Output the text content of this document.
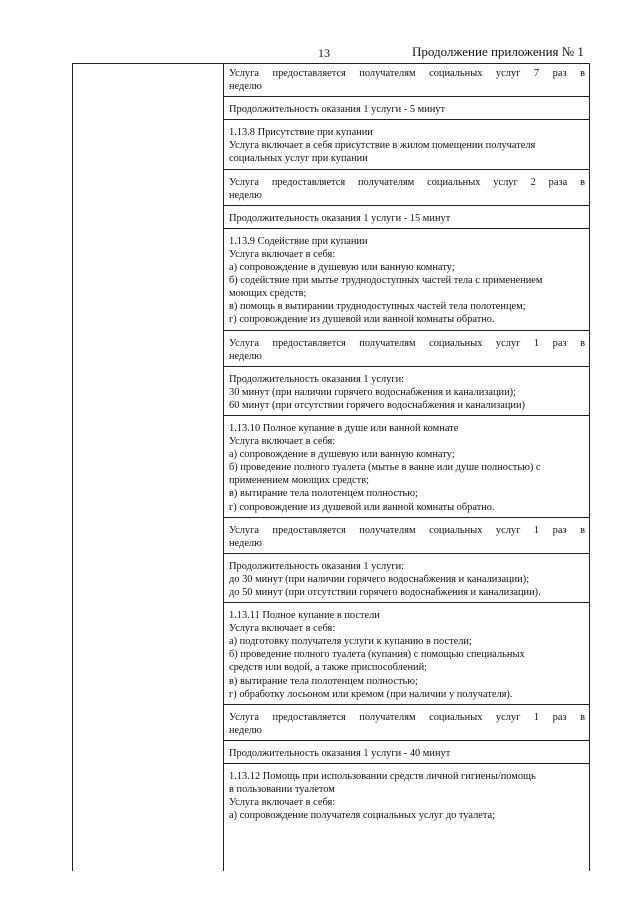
13	Продолжение приложения № 1
Услуга предоставляется получателям социальных услуг 7 раз в
неделю
Продолжительность оказания 1 услуги - 5 минут
1.13.8 Присутствие при купании
Услуга включает в себя присутствие в жилом помещении получателя
социальных услуг при купании
Услуга предоставляется получателям социальных услуг 2 раза в
неделю
Продолжительность оказания 1 услуги - 15 минут
1.13.9 Содействие при купании
Услуга включает в себя:
а) сопровождение в душевую или ванную комнату;
б) содействие при мытье труднодоступных частей тела с применением
моющих средств;
в) помощь в вытирании труднодоступных частей тела полотенцем;
г) сопровождение из душевой или ванной комнаты обратно.
Услуга предоставляется получателям социальных услуг 1 раз в
неделю
Продолжительность оказания 1 услуги:
30 минут (при наличии горячего водоснабжения и канализации);
60 минут (при отсутствии горячего водоснабжения и канализации)
1.13.10 Полное купание в душе или ванной комнате
Услуга включает в себя:
а) сопровождение в душевую или ванную комнату;
б) проведение полного туалета (мытье в ванне или душе полностью) с
применением моющих средств;
в) вытирание тела полотенцем полностью;
г) сопровождение из душевой или ванной комнаты обратно.
Услуга предоставляется получателям социальных услуг 1 раз в
неделю
Продолжительность оказания 1 услуги:
до 30 минут (при наличии горячего водоснабжения и канализации);
до 50 минут (при отсутствии горячего водоснабжения и канализации).
1.13.11 Полное купание в постели
Услуга включает в себя:
а) подготовку получателя услуги к купанию в постели;
б) проведение полного туалета (купания) с помощью специальных
средств или водой, а также приспособлений;
в) вытирание тела полотенцем полностью;
г) обработку лосьоном или кремом (при наличии у получателя).
Услуга предоставляется получателям социальных услуг 1 раз в
неделю
Продолжительность оказания 1 услуги - 40 минут
1.13.12 Помощь при использовании средств личной гигиены/помощь
в пользовании туалетом
Услуга включает в себя:
а) сопровождение получателя социальных услуг до туалета;
